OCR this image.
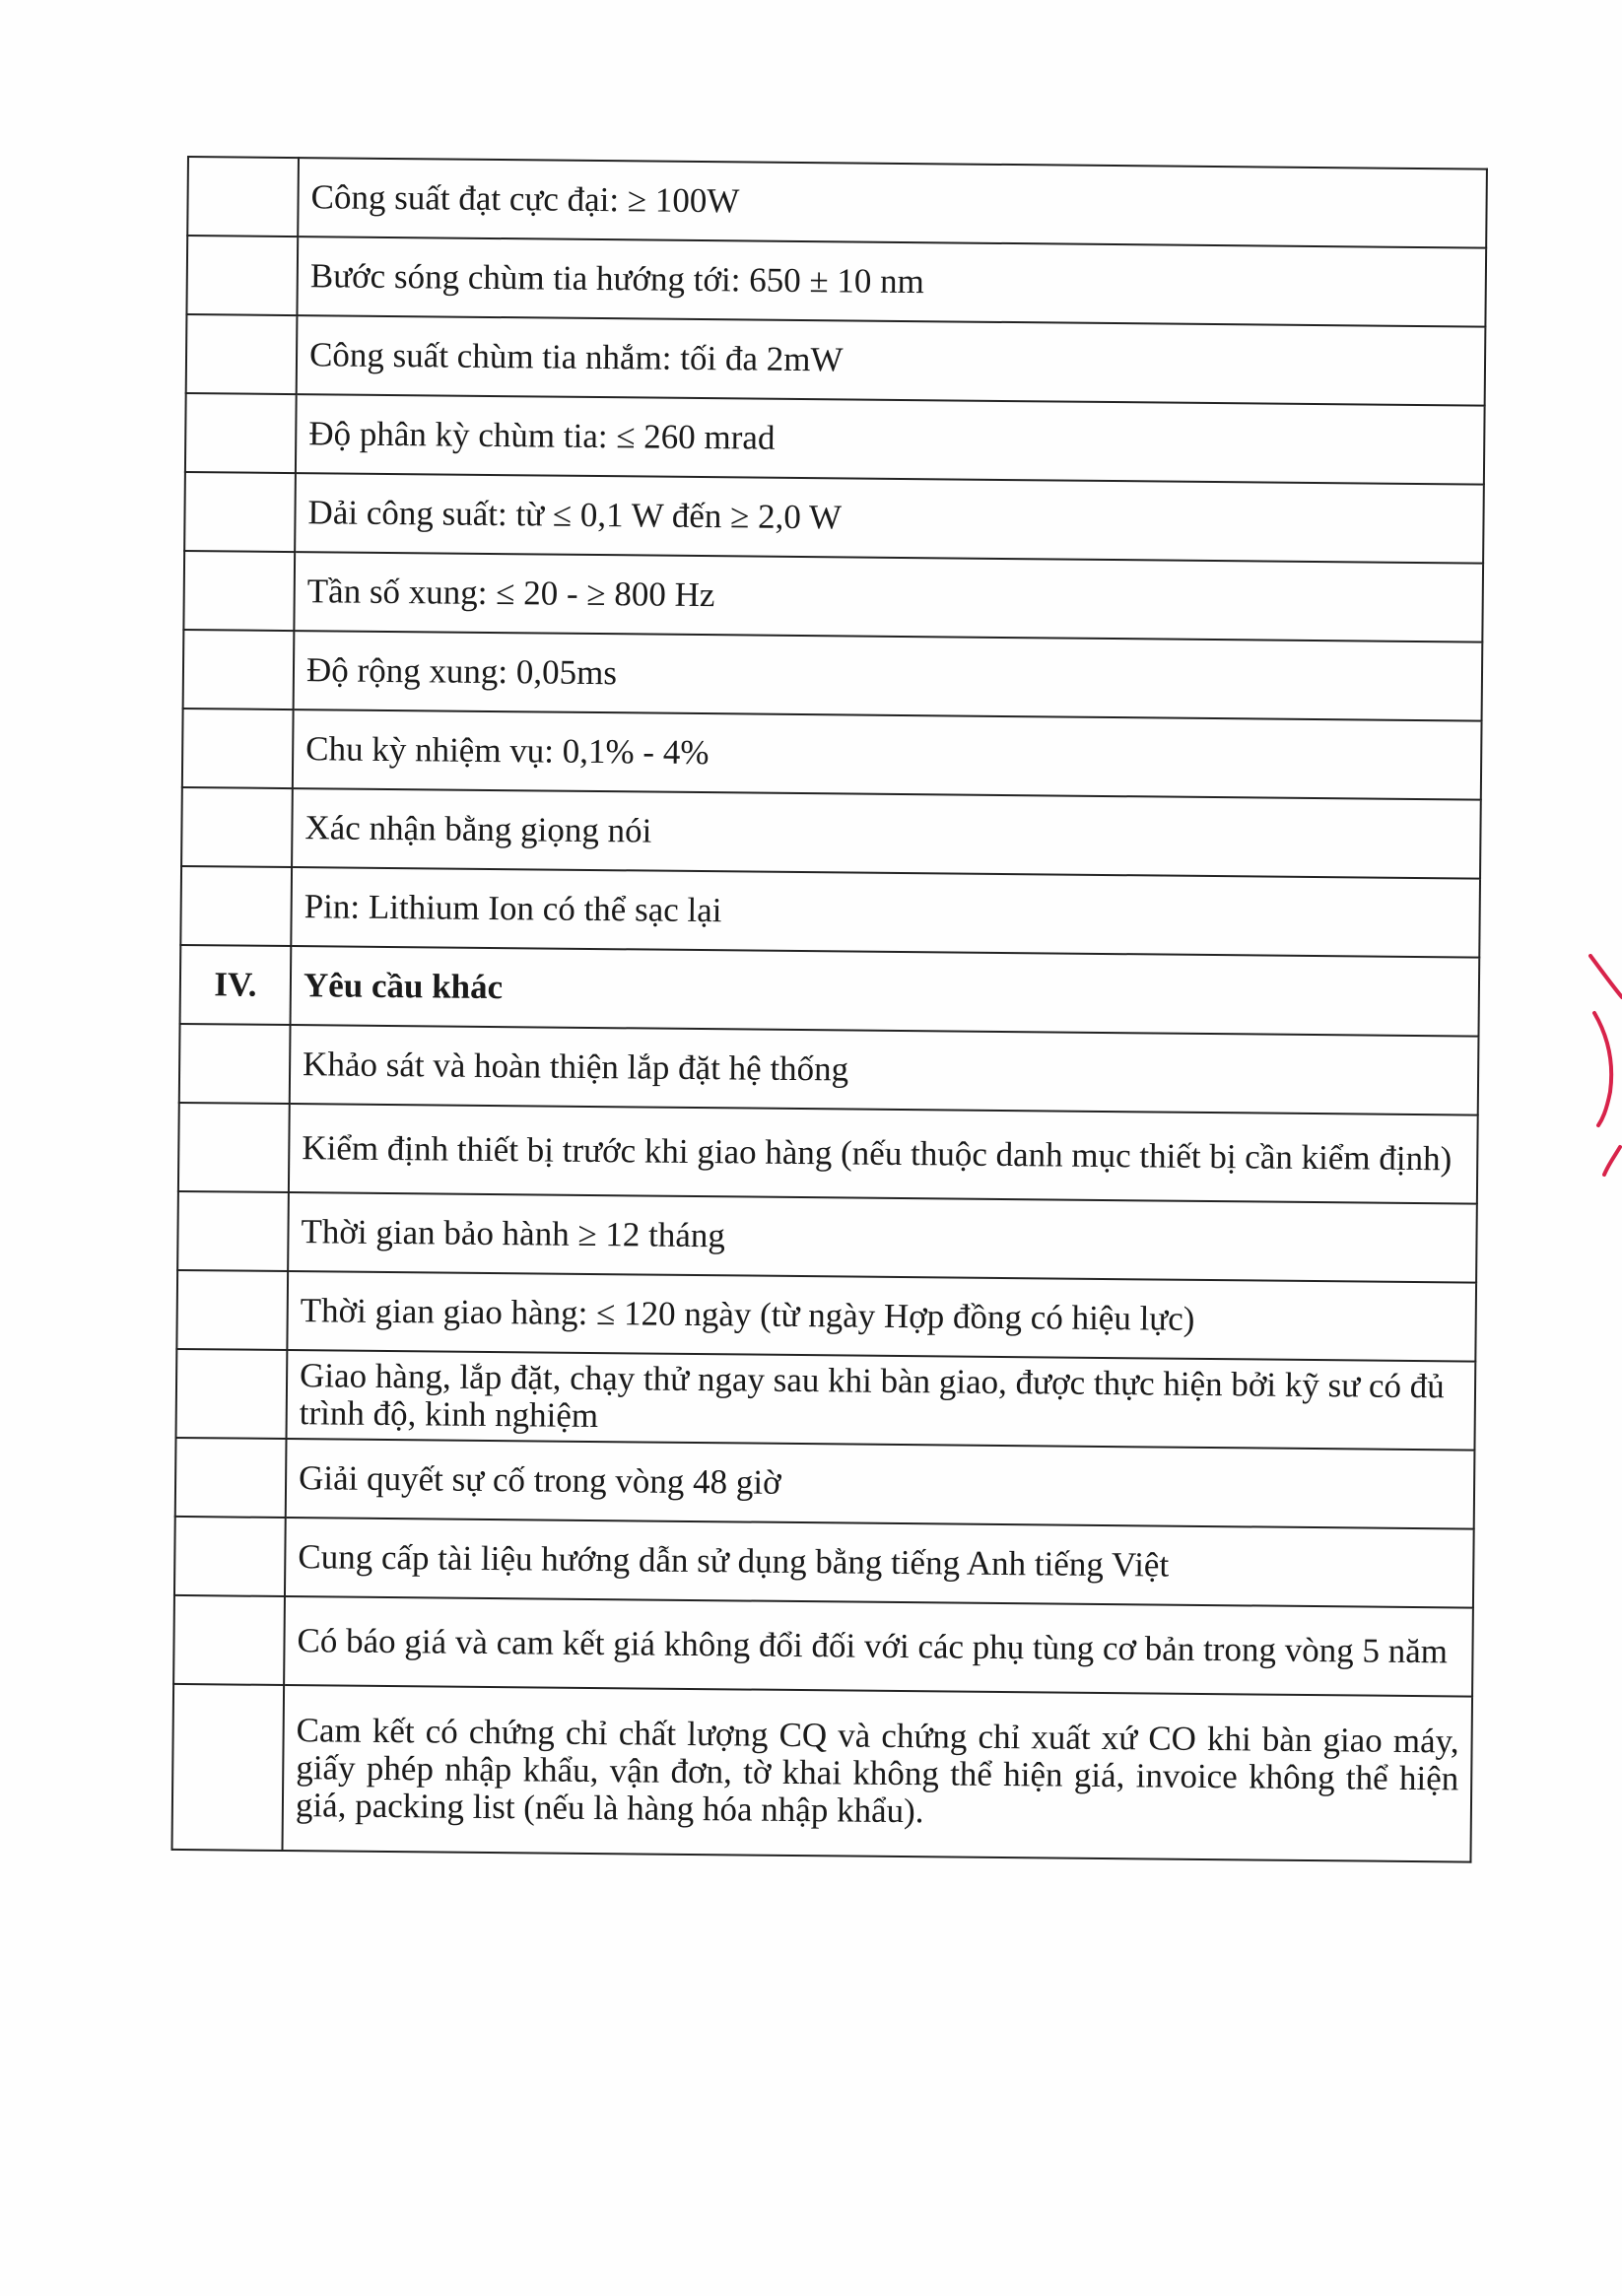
	Công suất đạt cực đại: ≥ 100W
	Bước sóng chùm tia hướng tới: 650 ± 10 nm
	Công suất chùm tia nhắm: tối đa 2mW
	Độ phân kỳ chùm tia: ≤ 260 mrad
	Dải công suất: từ ≤ 0,1 W đến ≥ 2,0 W
	Tần số xung: ≤ 20 - ≥ 800 Hz
	Độ rộng xung: 0,05ms
	Chu kỳ nhiệm vụ: 0,1% - 4%
	Xác nhận bằng giọng nói
	Pin: Lithium Ion có thể sạc lại
IV.	Yêu cầu khác
	Khảo sát và hoàn thiện lắp đặt hệ thống
	Kiểm định thiết bị trước khi giao hàng (nếu thuộc danh mục thiết bị cần kiểm định)
	Thời gian bảo hành ≥ 12 tháng
	Thời gian giao hàng: ≤ 120 ngày (từ ngày Hợp đồng có hiệu lực)
	Giao hàng, lắp đặt, chạy thử ngay sau khi bàn giao, được thực hiện bởi kỹ sư có đủ trình độ, kinh nghiệm
	Giải quyết sự cố trong vòng 48 giờ
	Cung cấp tài liệu hướng dẫn sử dụng bằng tiếng Anh tiếng Việt
	Có báo giá và cam kết giá không đổi đối với các phụ tùng cơ bản trong vòng 5 năm
	Cam kết có chứng chỉ chất lượng CQ và chứng chỉ xuất xứ CO khi bàn giao máy, giấy phép nhập khẩu, vận đơn, tờ khai không thể hiện giá, invoice không thể hiện giá, packing list (nếu là hàng hóa nhập khẩu).
